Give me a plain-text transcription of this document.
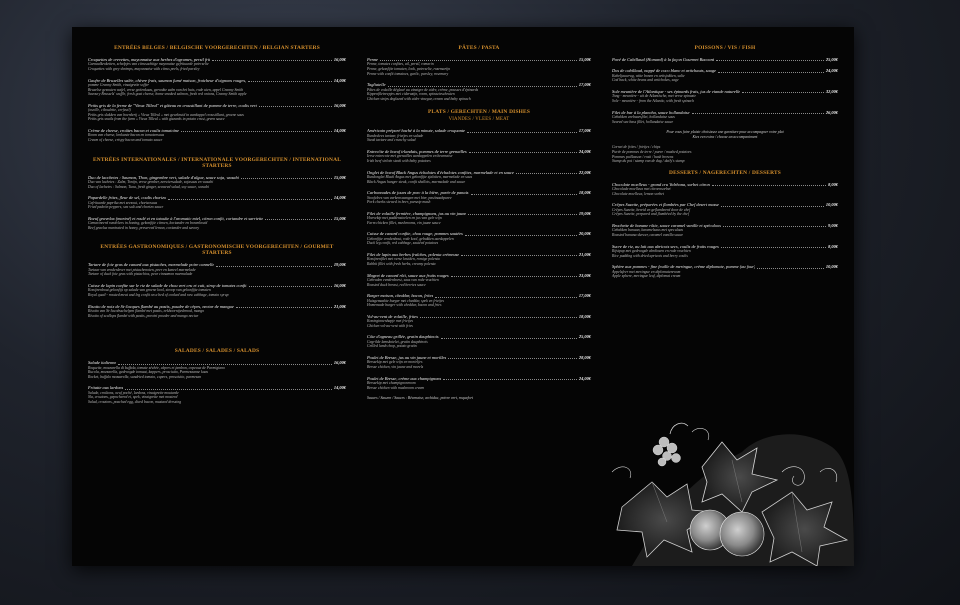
ENTRÉES BELGES / BELGISCHE VOORGERECHTEN / BELGIAN STARTERS
Croquettes de crevettes, mayonnaise aux herbes d'agrumes, persil frit	16,00€
Garnaalkroketten, schelpjes van citrusachtige mayonaise gefrituurde peterselie
Croquettes with grey shrimps, mayonnaise with citrus peels, fried parsley
Gaufre de Bruxelles salée, chèvre frais, saumon fumé maison, fraicheur d'oignons rouges,	14,00€
pomme Granny Smith, vinaigrette soffer
Bruxelse gezouten wafel, verse geitenkaas, gerookte zalm van het huis, rode uien, appel Granny Smith
Savoury Brussels' waffle, fresh goat cheese, home smoked salmon, fresh red onions, Granny Smith apple
Petits gris de la ferme de "Vieux Tilleul" et gâteau en croustillant de pomme de terre, coulis vert	16,00€
(oseille, ciboulette, cerfeuil)
Petits gris slakken van boerderij « Vieux Tilleul » met geurkruid in aardappel croustillant, groene saus
Petits gris snails from the farm « Vieux Tilleul » with gizzards in potato crust, green sauce
Crème de cheese, croûtes bacon et coulis tomatoïne	14,00€
Room van cheese, krokante bacon en tomatensaus
Cream of cheese, crispy bacon and tomato sauce
ENTRÉES INTERNATIONALES / INTERNATIONALE VOORGERECHTEN / INTERNATIONAL STARTERS
Duo de lacchetes : Saumon, Thon, gingembre vert, salade d'algue, sauce soja, wasabi	15,00€
Duo van lachetes : Zalm, Tonijn, verse gember, zeewiersalade, sojasaus en wasabi
Duo of lachetes : Salmon, Tuna, fresh ginger, seaweed salad, soy sauce, wasabi
Papardelle frites, fleur de sel, coulis chorizo	14,00€
Gefrituurde paprika met zeezout, chorizosaus
Fried padrón peppers, sea salt and chorizo sauce
Boeuf gravelax (mariné) et roulé et en tatouke à l'aromatic miel, citron confit, coriandre et sarriette	15,00€
Gemarineerd rundvlees in honing, gekonfijte citroen, koriander en bonenkruid
Beef gravlax marinated in honey, preserved lemon, coriander and savory
ENTRÉES GASTRONOMIQUES / GASTRONOMISCHE VOORGERECHTEN / GOURMET STARTERS
Tartare de foie gras de canard aux pistaches, marmelade poire cannelle	19,00€
Tartaar van eendenlever met pistachenoten, peer en kaneel marmelade
Tartare of duck foie gras with pistachios, pear cinnamon marmalade
Cuisse de lapin confite sur le riz de salade de chou vert cru et cuit, sirop de tomates confit	16,00€
Konijnenbout gekonfijt op salade van groene kool, siroop van gekonfijte tomaten
Royal quail - rossted meat and leg confit on a bed of cooked and raw cabbage, tomato syrup
Risotto de noix de St-Jacques flambé au pastis, poudre de cèpes, nectar de mangue	21,00€
Risotto van St-Jacobsschelpen flambé met pastis, eekhoorntjesbrood, mango
Risotto of scallops flambé with pastis, porcini powder and mango nectar
SALADES / SALADES / SALADS
Salade italienne	16,00€
Roquette, mozzarella di buffala, tomate séchée, câpres et jambon, copeaux de Parmigiano
Rucola, mozzarella, gedroogde tomaat, kappers, prosciutto, Parmezaanse kaas
Rocket, buffalo mozzarella, sundried tomato, capers, prosciutto, parmesan
Fritatte aux lardons	14,00€
Salade, croûtons, oeuf poché, lardons, vinaigrette moutarde
Sla, croutons, gepocheerd ei, spek, vinaigrette met mosterd
Salad, croutons, poached egg, diced bacon, mustard dressing
PÂTES / PASTA
Penne	15,00€
Penne, tomates confites, ail, persil, romarin
Penne, gekonfijte tomaten, look, peterselie, rozemarijn
Penne with confit tomatoes, garlic, parsley, rosemary
Tagliatelle	17,00€
Pâtes de volaille déglacé au vinaigre de cidre, crème, pousses d'épinards
Kippenfiletreepjes met ciderazijn, room, spinaziescheuten
Chicken strips deglazed with cider vinegar, cream and baby spinach
PLATS / GERECHTEN / MAIN DISHES
VIANDES / VLEES / MEAT
Américain préparé haché à la minute, salade croquante	17,00€
Rundsvlees tartaar, frietjes en salade
Steak tartare and crunchy salad
Entrecôte de boeuf irlandais, pommes de terre grenailles	24,00€
Ierse entrecote met grenailles aardappelen en bearnaise
Irish beef sirloin steak with baby potatoes
Onglet de boeuf Black Angus échalotes d'échalotes confites, marmelade et en sauce	22,00€
Rundonglet Black Angus met gekonfijte sjalotten, marmelade en saus
Black Angus hanger steak, confit shallots, marmalade and sauce
Carbonnades de joues de porc à la bière, purée de panais	18,00€
Stoofvlees van varkenswangen met bier, pastinaakpuree
Pork cheeks stewed in beer, parsnip mash
Filet de volaille fermière, champignons, jus au vin jaune	19,00€
Hoevekip met paddenstoelen en jus van gele wijn
Farm chicken fillet, mushrooms, vin jaune sauce
Cuisse de canard confite, chou rouge, pommes sautées	20,00€
Gekonfijte eendenbout, rode kool, gebakken aardappelen
Duck leg confit, red cabbage, sautéed potatoes
Filet de lapin aux herbes fraîches, polenta crémeuse	21,00€
Konijnenfilet met verse kruiden, romige polenta
Rabbit fillet with fresh herbs, creamy polenta
Magret de canard rôti, sauce aux fruits rouges	23,00€
Gebraden eendenborst, saus van rode vruchten
Roasted duck breast, red berries sauce
Burger maison, cheddar, bacon, frites	17,00€
Huisgemaakte burger met cheddar, spek en frietjes
Homemade burger with cheddar, bacon and fries
Vol-au-vent de volaille, frites	18,00€
Koninginnenhapje met frietjes
Chicken vol-au-vent with fries
Côte d'agneau grillée, gratin dauphinois	25,00€
Gegrilde lamskotelet, gratin dauphinois
Grilled lamb chop, potato gratin
Poulet de Bresse, jus au vin jaune et morilles	28,00€
Bressekip met gele wijn en morieljes
Bresse chicken, vin jaune and morels
Poulet de Bresse, crème aux champignons	24,00€
Bressekip met champignonroom
Bresse chicken with mushroom cream
Sauces / Sauzen / Sauces : Béarnaise, archiduc, poivre vert, roquefort
POISSONS / VIS / FISH
Pavé de Cabillaud (Homard) à la façon Gourmet Baccard	25,00€
Dos de cabillaud, nappé de coco blanc et artichauts, sauge	24,00€
Kabeljauwrug, witte bonen en artisjokken, salie
Cod back, white beans and artichokes, sage
Sole meunière de l'Atlantique - ses épinards frais, jus de viande naturelle	32,00€
Tong - meunière - uit de Atlantische, met verse spinazie
Sole - meunière - from the Atlantic, with fresh spinach
Filet de bar à la plancha, sauce hollandaise	26,00€
Gebakken zeebaarsfilet, hollandaise saus
Seared sea bass fillet, hollandaise sauce
Pour vous faire plaisir choisissez une garniture pour accompagner votre plat
Kies een extra / choose an accompaniment
Cornet de frites / frietjes / chips
Purée de pommes de terre / puree / mashed potatoes
Pommes paillasson / rosti / hash browns
Stamp du pot / stamp van de dag / daily's stamp
DESSERTS / NAGERECHTEN / DESSERTS
Chocolate moelleux - grand cru Valrhona, sorbet citron	8,00€
Chocolade moelleux met citroensorbet
Chocolate moelleux, lemon sorbet
Crêpes Suzette, préparées et flambées par Chef desert masse	10,00€
Crêpes Suzette, bereid en geflambeerd door de chef
Crêpes Suzette, prepared and flambéed by the chef
Brochette de banane rôtie, sauce caramel vanille et spéculoos	9,00€
Gebakken banaan, karamelsaus met speculaas
Roasted banana skewer, caramel vanilla sauce
Sucre de riz, au lait aux abricots secs, coulis de fruits rouges	8,00€
Rijstpap met gedroogde abrikozen en rode vruchten
Rice pudding with dried apricots and berry coulis
Sphère aux pommes - fine feuille de meringue, crème diplomate, pomme (au four)	10,00€
Appelsfeer met meringue en diplomatenroom
Apple sphere, meringue leaf, diplomat cream
